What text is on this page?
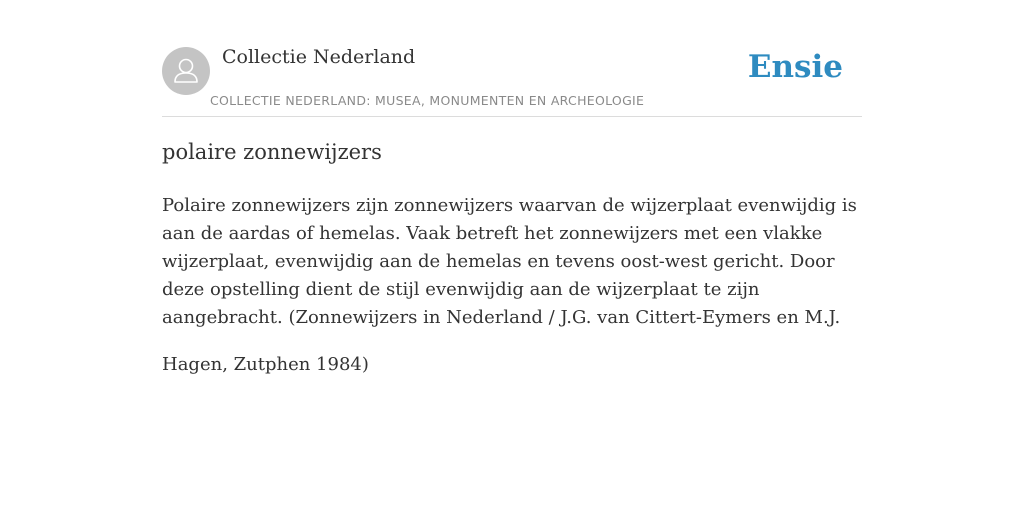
Collectie Nederland
COLLECTIE NEDERLAND: MUSEA, MONUMENTEN EN ARCHEOLOGIE
Ensie
polaire zonnewijzers

Polaire zonnewijzers zijn zonnewijzers waarvan de wijzerplaat evenwijdig is aan de aardas of hemelas. Vaak betreft het zonnewijzers met een vlakke wijzerplaat, evenwijdig aan de hemelas en tevens oost-west gericht. Door deze opstelling dient de stijl evenwijdig aan de wijzerplaat te zijn aangebracht. (Zonnewijzers in Nederland / J.G. van Cittert-Eymers en M.J.

Hagen, Zutphen 1984)
